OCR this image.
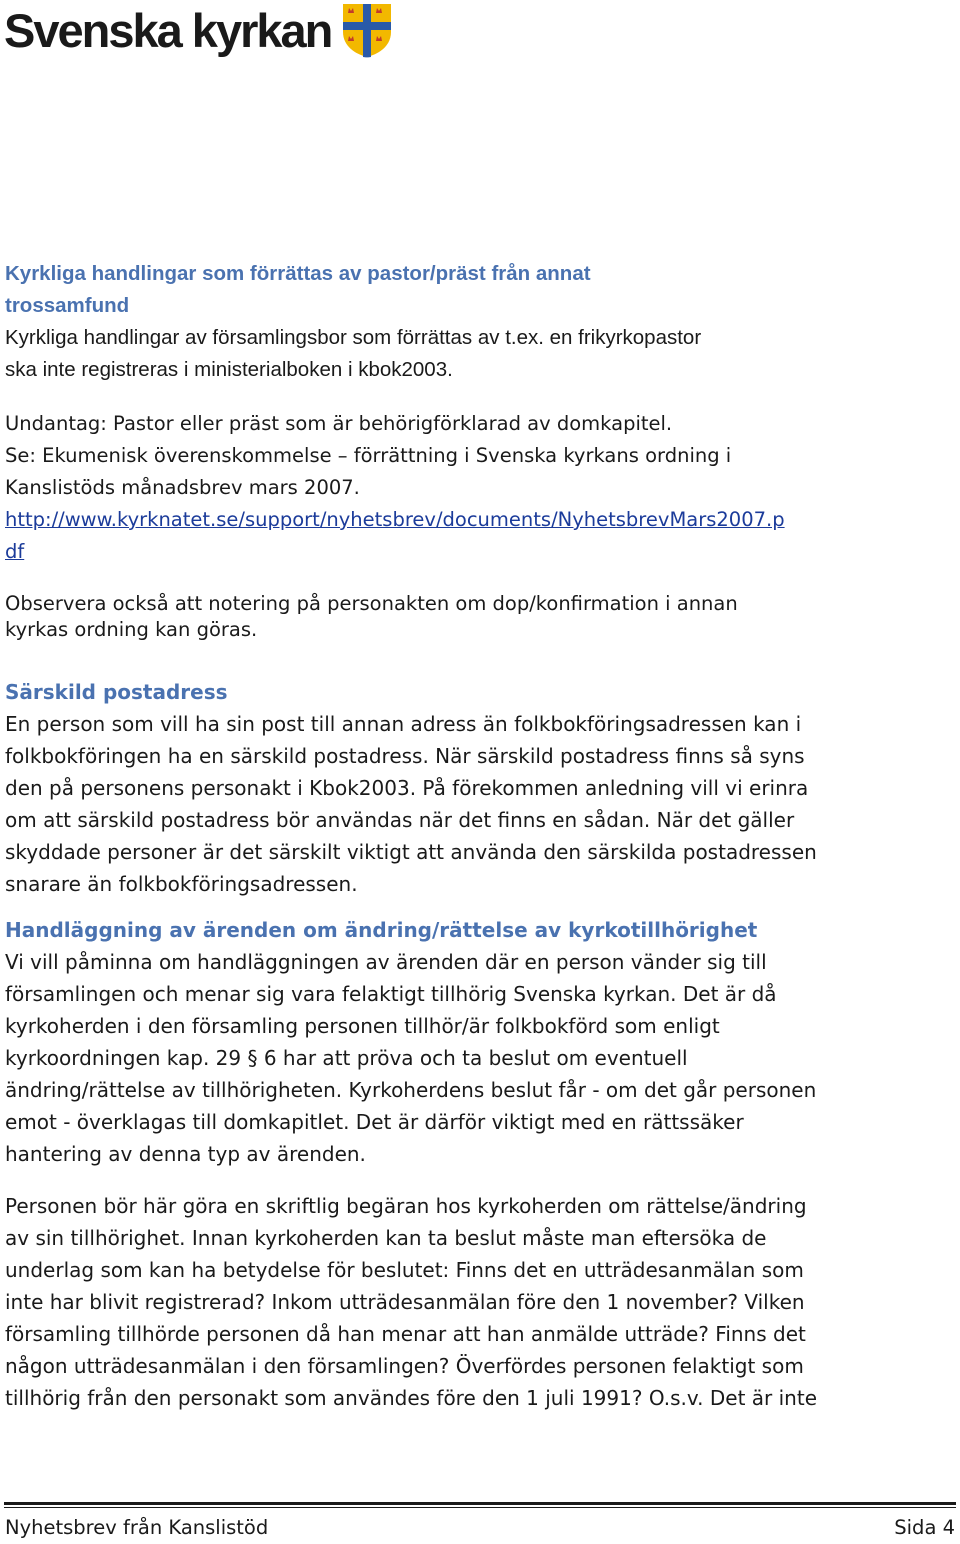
Svenska kyrkan

Kyrkliga handlingar som förrättas av pastor/präst från annat

trossamfund

Kyrkliga handlingar av församlingsbor som förrättas av t.ex. en frikyrkopastor

ska inte registreras i ministerialboken i kbok2003.

Undantag: Pastor eller präst som är behörigförklarad av domkapitel.

Se: Ekumenisk överenskommelse – förrättning i Svenska kyrkans ordning i

Kanslistöds månadsbrev mars 2007.

http://www.kyrknatet.se/support/nyhetsbrev/documents/NyhetsbrevMars2007.p

df

Observera också att notering på personakten om dop/konfirmation i annan

kyrkas ordning kan göras.

Särskild postadress

En person som vill ha sin post till annan adress än folkbokföringsadressen kan i

folkbokföringen ha en särskild postadress. När särskild postadress finns så syns

den på personens personakt i Kbok2003. På förekommen anledning vill vi erinra

om att särskild postadress bör användas när det finns en sådan. När det gäller

skyddade personer är det särskilt viktigt att använda den särskilda postadressen

snarare än folkbokföringsadressen.

Handläggning av ärenden om ändring/rättelse av kyrkotillhörighet

Vi vill påminna om handläggningen av ärenden där en person vänder sig till

församlingen och menar sig vara felaktigt tillhörig Svenska kyrkan. Det är då

kyrkoherden i den församling personen tillhör/är folkbokförd som enligt

kyrkoordningen kap. 29 § 6 har att pröva och ta beslut om eventuell

ändring/rättelse av tillhörigheten. Kyrkoherdens beslut får - om det går personen

emot - överklagas till domkapitlet. Det är därför viktigt med en rättssäker

hantering av denna typ av ärenden.

Personen bör här göra en skriftlig begäran hos kyrkoherden om rättelse/ändring

av sin tillhörighet. Innan kyrkoherden kan ta beslut måste man eftersöka de

underlag som kan ha betydelse för beslutet: Finns det en utträdesanmälan som

inte har blivit registrerad? Inkom utträdesanmälan före den 1 november? Vilken

församling tillhörde personen då han menar att han anmälde utträde? Finns det

någon utträdesanmälan i den församlingen? Överfördes personen felaktigt som

tillhörig från den personakt som användes före den 1 juli 1991? O.s.v. Det är inte

Nyhetsbrev från Kanslistöd	Sida 4
